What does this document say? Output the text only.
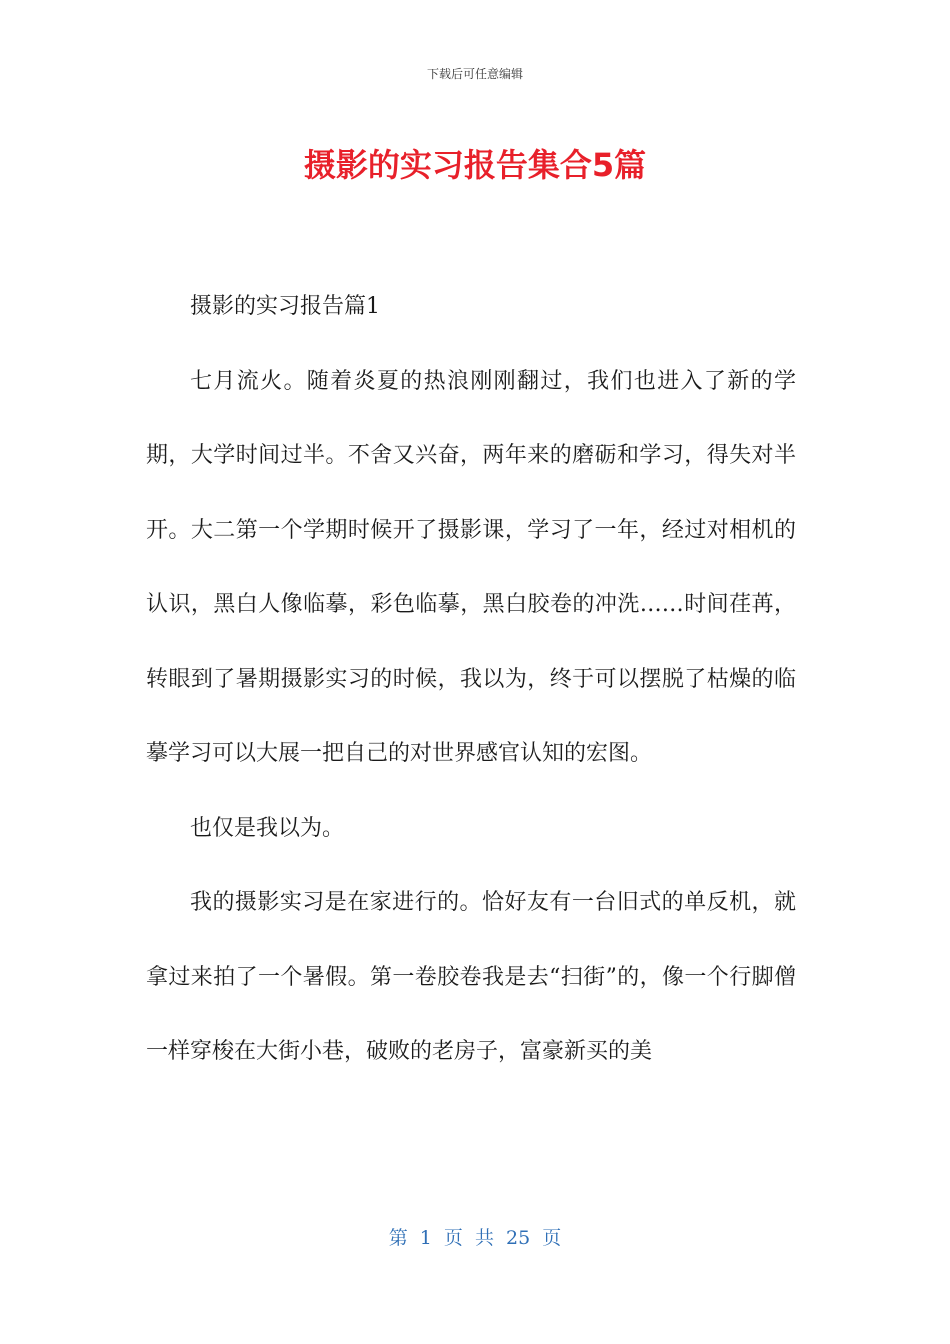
下载后可任意编辑
摄影的实习报告集合5篇

摄影的实习报告篇1

七月流火。随着炎夏的热浪刚刚翻过，我们也进入了新的学期，大学时间过半。不舍又兴奋，两年来的磨砺和学习，得失对半开。大二第一个学期时候开了摄影课，学习了一年，经过对相机的认识，黑白人像临摹，彩色临摹，黑白胶卷的冲洗……时间荏苒，转眼到了暑期摄影实习的时候，我以为，终于可以摆脱了枯燥的临摹学习可以大展一把自己的对世界感官认知的宏图。

也仅是我以为。

我的摄影实习是在家进行的。恰好友有一台旧式的单反机，就拿过来拍了一个暑假。第一卷胶卷我是去“扫街”的，像一个行脚僧一样穿梭在大街小巷，破败的老房子，富豪新买的美

第 1 页 共 25 页
